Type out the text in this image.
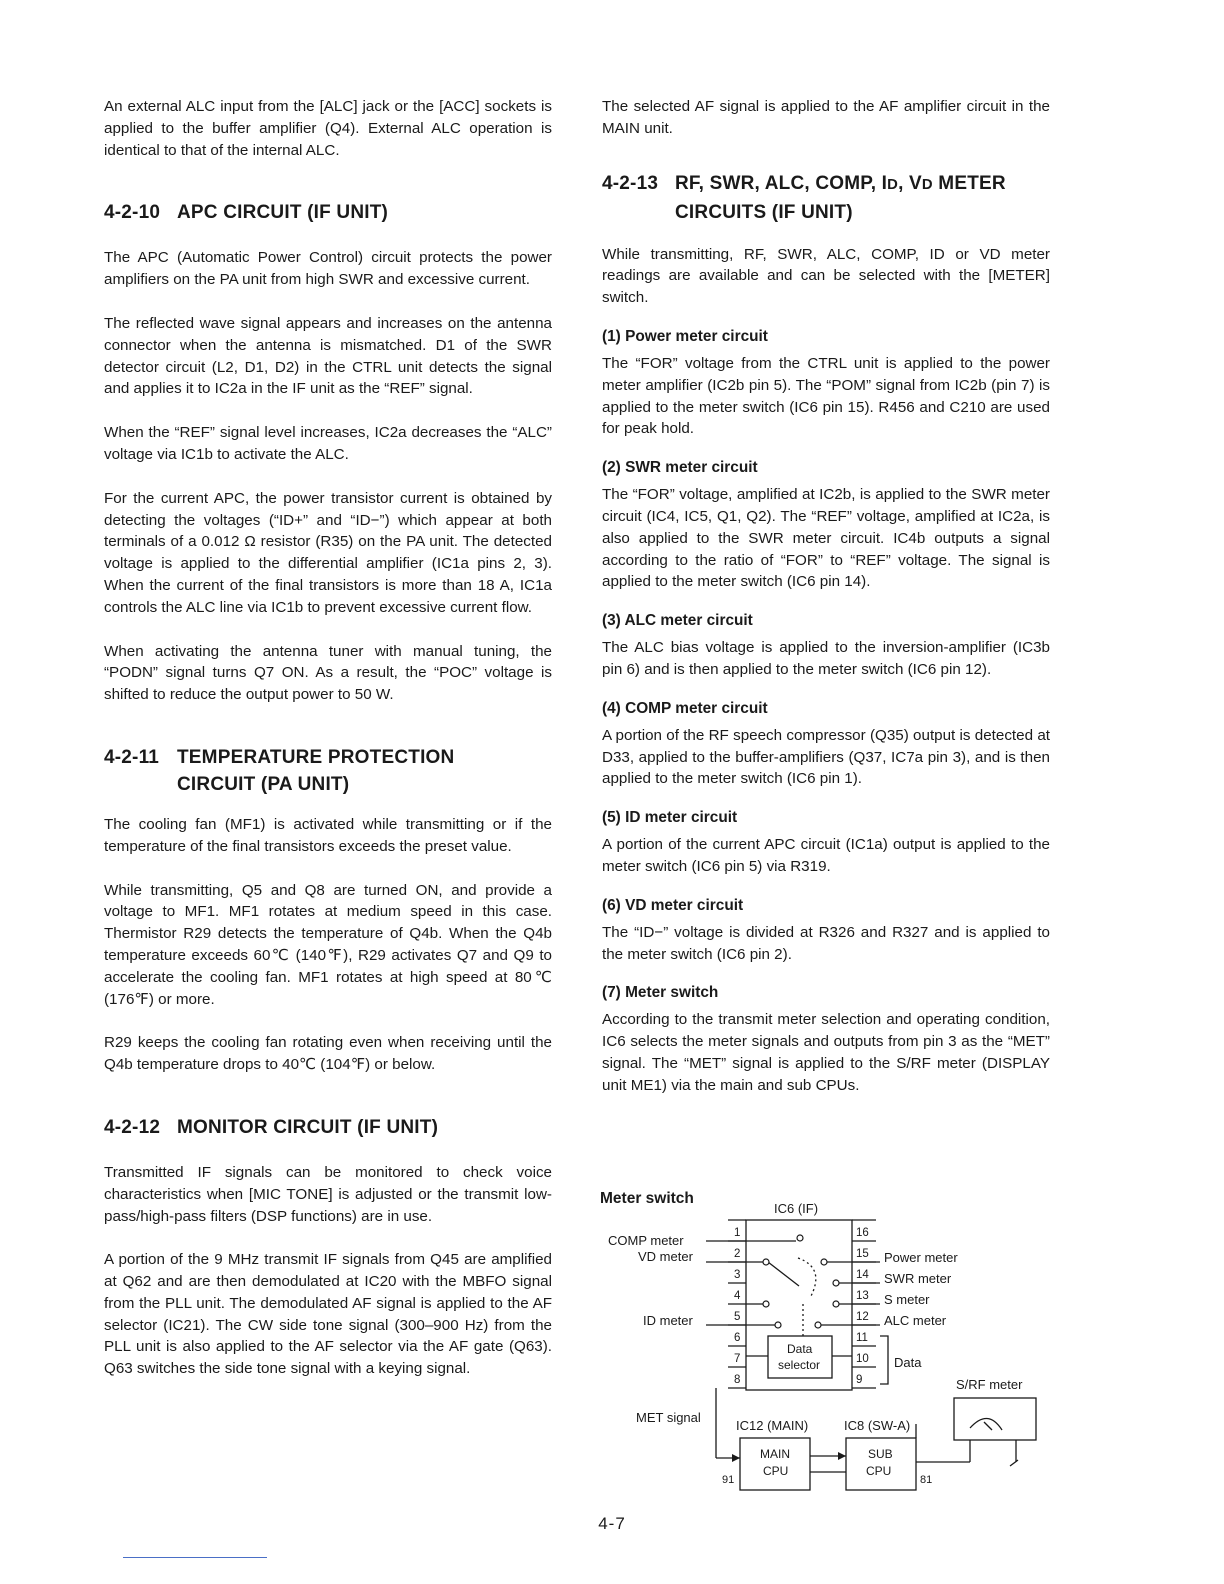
An external ALC input from the [ALC] jack or the [ACC] sockets is applied to the buffer amplifier (Q4). External ALC operation is identical to that of the internal ALC.

4-2-10 APC CIRCUIT (IF UNIT)

The APC (Automatic Power Control) circuit protects the power amplifiers on the PA unit from high SWR and excessive current.

The reflected wave signal appears and increases on the antenna connector when the antenna is mismatched. D1 of the SWR detector circuit (L2, D1, D2) in the CTRL unit detects the signal and applies it to IC2a in the IF unit as the “REF” signal.

When the “REF” signal level increases, IC2a decreases the “ALC” voltage via IC1b to activate the ALC.

For the current APC, the power transistor current is obtained by detecting the voltages (“ID+” and “ID−”) which appear at both terminals of a 0.012 Ω resistor (R35) on the PA unit. The detected voltage is applied to the differential amplifier (IC1a pins 2, 3). When the current of the final transistors is more than 18 A, IC1a controls the ALC line via IC1b to prevent excessive current flow.

When activating the antenna tuner with manual tuning, the “PODN” signal turns Q7 ON. As a result, the “POC” voltage is shifted to reduce the output power to 50 W.

4-2-11 TEMPERATURE PROTECTION
CIRCUIT (PA UNIT)

The cooling fan (MF1) is activated while transmitting or if the temperature of the final transistors exceeds the preset value.

While transmitting, Q5 and Q8 are turned ON, and provide a voltage to MF1. MF1 rotates at medium speed in this case. Thermistor R29 detects the temperature of Q4b. When the Q4b temperature exceeds 60℃ (140℉), R29 activates Q7 and Q9 to accelerate the cooling fan. MF1 rotates at high speed at 80℃ (176℉) or more.

R29 keeps the cooling fan rotating even when receiving until the Q4b temperature drops to 40℃ (104℉) or below.

4-2-12 MONITOR CIRCUIT (IF UNIT)

Transmitted IF signals can be monitored to check voice characteristics when [MIC TONE] is adjusted or the transmit low-pass/high-pass filters (DSP functions) are in use.

A portion of the 9 MHz transmit IF signals from Q45 are amplified at Q62 and are then demodulated at IC20 with the MBFO signal from the PLL unit. The demodulated AF signal is applied to the AF selector (IC21). The CW side tone signal (300–900 Hz) from the PLL unit is also applied to the AF selector via the AF gate (Q63). Q63 switches the side tone signal with a keying signal.

The selected AF signal is applied to the AF amplifier circuit in the MAIN unit.

4-2-13 RF, SWR, ALC, COMP, ID, VD METER
CIRCUITS (IF UNIT)

While transmitting, RF, SWR, ALC, COMP, ID or VD meter readings are available and can be selected with the [METER] switch.

(1) Power meter circuit

The “FOR” voltage from the CTRL unit is applied to the power meter amplifier (IC2b pin 5). The “POM” signal from IC2b (pin 7) is applied to the meter switch (IC6 pin 15). R456 and C210 are used for peak hold.

(2) SWR meter circuit

The “FOR” voltage, amplified at IC2b, is applied to the SWR meter circuit (IC4, IC5, Q1, Q2). The “REF” voltage, amplified at IC2a, is also applied to the SWR meter circuit. IC4b outputs a signal according to the ratio of “FOR” to “REF” voltage. The signal is applied to the meter switch (IC6 pin 14).

(3) ALC meter circuit

The ALC bias voltage is applied to the inversion-amplifier (IC3b pin 6) and is then applied to the meter switch (IC6 pin 12).

(4) COMP meter circuit

A portion of the RF speech compressor (Q35) output is detected at D33, applied to the buffer-amplifiers (Q37, IC7a pin 3), and is then applied to the meter switch (IC6 pin 1).

(5) ID meter circuit

A portion of the current APC circuit (IC1a) output is applied to the meter switch (IC6 pin 5) via R319.

(6) VD meter circuit

The “ID−” voltage is divided at R326 and R327 and is applied to the meter switch (IC6 pin 2).

(7) Meter switch

According to the transmit meter selection and operating condition, IC6 selects the meter signals and outputs from pin 3 as the “MET” signal. The “MET” signal is applied to the S/RF meter (DISPLAY unit ME1) via the main and sub CPUs.

Meter switch
IC6 (IF)
COMP meter
VD meter
ID meter
MET signal
Power meter
SWR meter
S meter
ALC meter
Data
S/RF meter
Data
selector
IC12 (MAIN)	IC8 (SW-A)
MAIN
CPU
SUB
CPU
91	81
1
2
3
4
5
6
7
8
16
15
14
13
12
11
10
9
4-7
